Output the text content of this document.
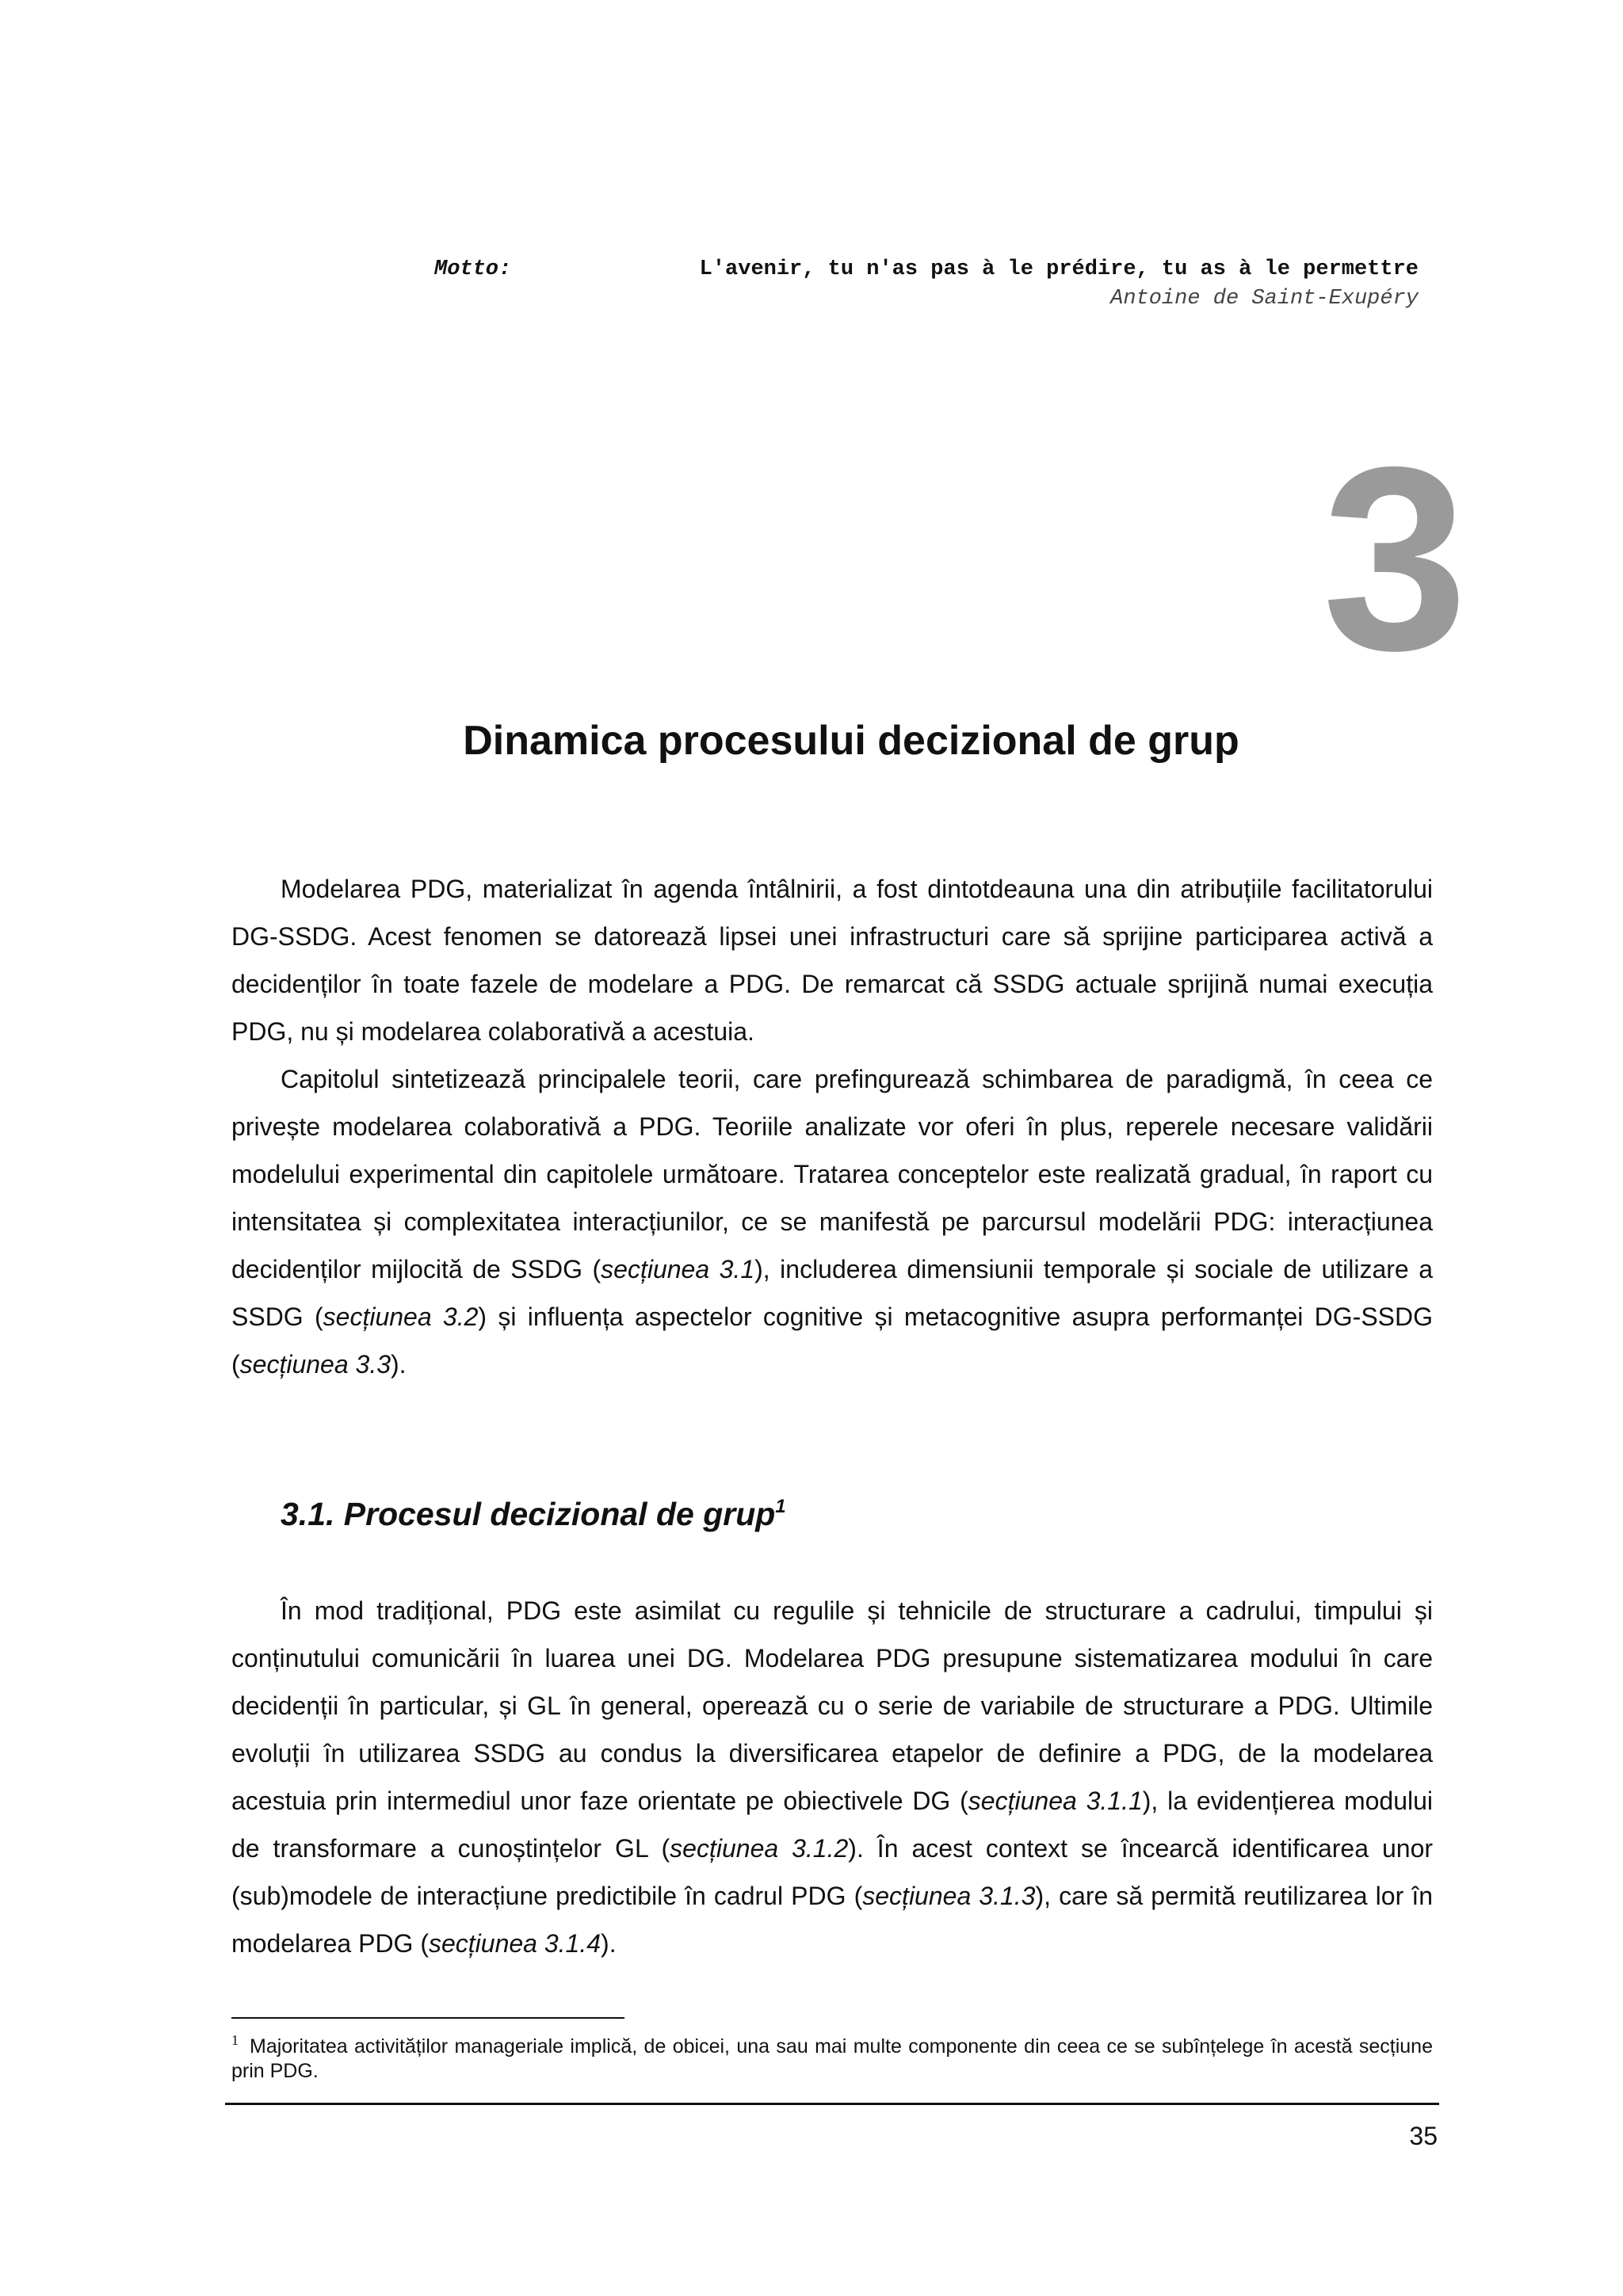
Motto:	L'avenir, tu n'as pas à le prédire, tu as à le permettre
Antoine de Saint-Exupéry
3
Dinamica procesului decizional de grup

Modelarea PDG, materializat în agenda întâlnirii, a fost dintotdeauna una din atribuțiile facilitatorului DG-SSDG. Acest fenomen se datorează lipsei unei infrastructuri care să sprijine participarea activă a decidenților în toate fazele de modelare a PDG. De remarcat că SSDG actuale sprijină numai execuția PDG, nu și modelarea colaborativă a acestuia.

Capitolul sintetizează principalele teorii, care prefingurează schimbarea de paradigmă, în ceea ce privește modelarea colaborativă a PDG. Teoriile analizate vor oferi în plus, reperele necesare validării modelului experimental din capitolele următoare. Tratarea conceptelor este realizată gradual, în raport cu intensitatea și complexitatea interacțiunilor, ce se manifestă pe parcursul modelării PDG: interacțiunea decidenților mijlocită de SSDG (secțiunea 3.1), includerea dimensiunii temporale și sociale de utilizare a SSDG (secțiunea 3.2) și influența aspectelor cognitive și metacognitive asupra performanței DG-SSDG (secțiunea 3.3).

3.1. Procesul decizional de grup$^1$

În mod tradițional, PDG este asimilat cu regulile și tehnicile de structurare a cadrului, timpului și conținutului comunicării în luarea unei DG. Modelarea PDG presupune sistematizarea modului în care decidenții în particular, și GL în general, operează cu o serie de variabile de structurare a PDG. Ultimile evoluții în utilizarea SSDG au condus la diversificarea etapelor de definire a PDG, de la modelarea acestuia prin intermediul unor faze orientate pe obiectivele DG (secțiunea 3.1.1), la evidențierea modului de transformare a cunoștințelor GL (secțiunea 3.1.2). În acest context se încearcă identificarea unor (sub)modele de interacțiune predictibile în cadrul PDG (secțiunea 3.1.3), care să permită reutilizarea lor în modelarea PDG (secțiunea 3.1.4).

$^1$ Majoritatea activităților manageriale implică, de obicei, una sau mai multe componente din ceea ce se subînțelege în acestă secțiune prin PDG.
35
